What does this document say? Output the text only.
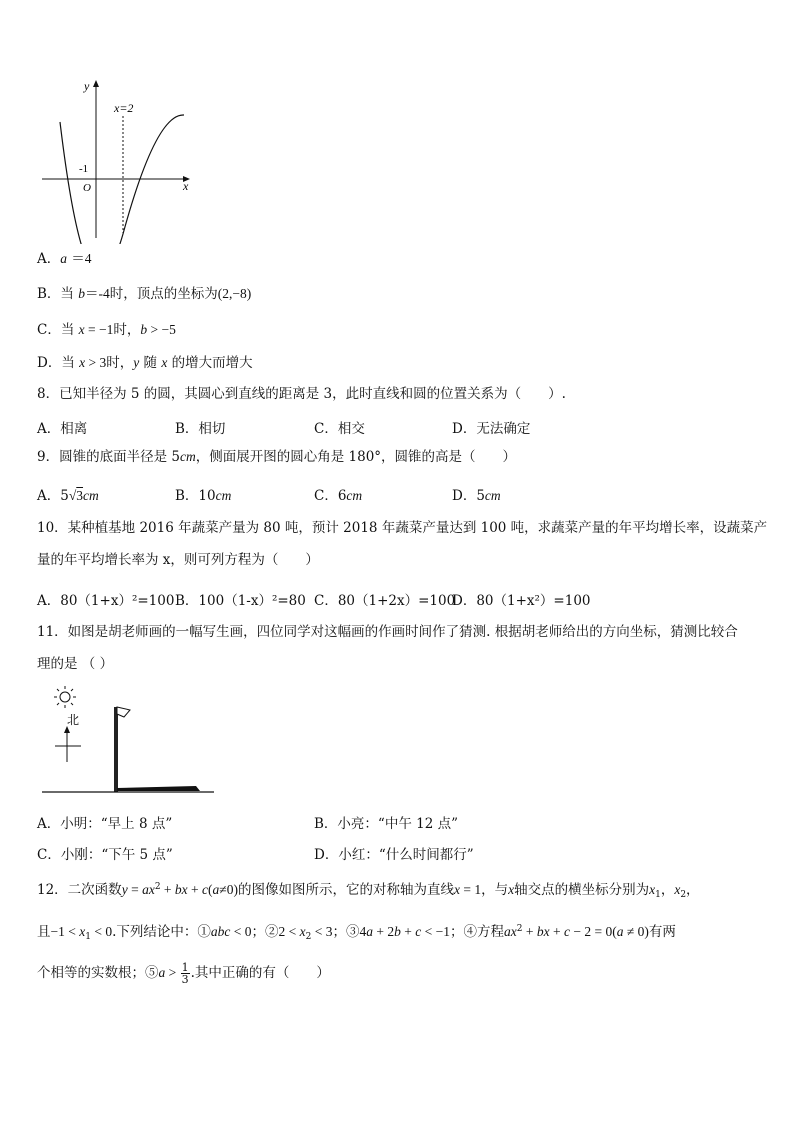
y
x
O
-1
x=2
A．a ＝4
B．当 b＝-4时，顶点的坐标为(2,−8)
C．当 x = −1时，b > −5
D．当 x > 3时，y 随 x 的增大而增大
8．已知半径为 5 的圆，其圆心到直线的距离是 3，此时直线和圆的位置关系为（　　）.
A．相离	B．相切	C．相交	D．无法确定
9．圆锥的底面半径是 5cm，侧面展开图的圆心角是 180°，圆锥的高是（　　）
A．5√3cm	B．10cm	C．6cm	D．5cm
10．某种植基地 2016 年蔬菜产量为 80 吨，预计 2018 年蔬菜产量达到 100 吨，求蔬菜产量的年平均增长率，设蔬菜产
量的年平均增长率为 x，则可列方程为（　　）
A．80（1+x）²=100 B．100（1-x）²=80 C．80（1+2x）=100
D．80（1+x²）=100
11．如图是胡老师画的一幅写生画，四位同学对这幅画的作画时间作了猜测. 根据胡老师给出的方向坐标，猜测比较合
理的是 （ ）
北
A．小明：“早上 8 点”	B．小亮：“中午 12 点”
C．小刚：“下午 5 点”	D．小红：“什么时间都行”
12．二次函数$y = ax^2$ + bx + c(a≠0)的图像如图所示，它的对称轴为直线x = 1，与x轴交点的横坐标分别为$x_1$，$x_2$，
且$-1 < x_1 < 0$.下列结论中：①abc < 0；②2 < $x_2 < 3$；③4a + 2b + c < −1；④方程$ax^2$ + bx + c − 2 = 0(a ≠ 0)有两
个相等的实数根；⑤a > $\frac{1}{3}$ .其中正确的有（　　）
